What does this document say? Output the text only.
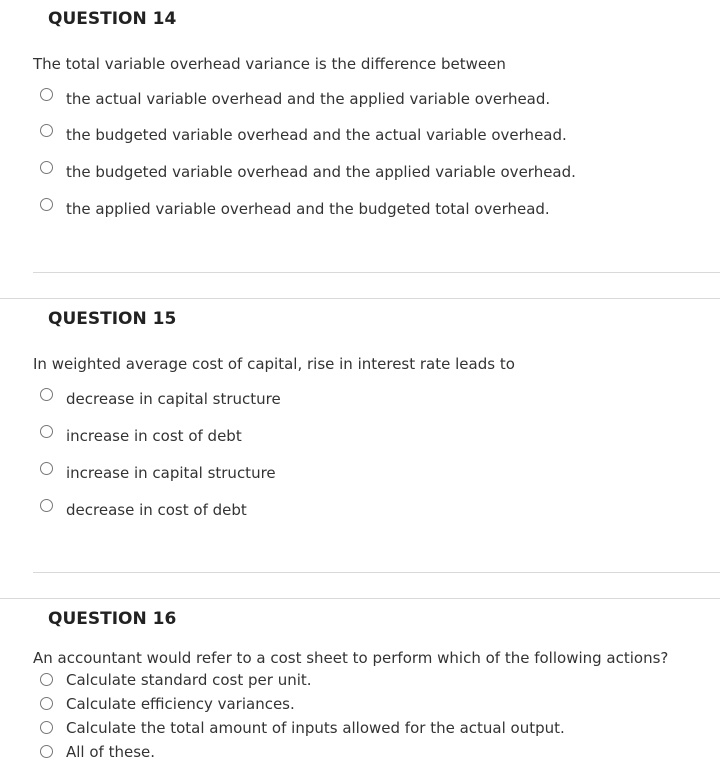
QUESTION 14
The total variable overhead variance is the difference between
the actual variable overhead and the applied variable overhead.
the budgeted variable overhead and the actual variable overhead.
the budgeted variable overhead and the applied variable overhead.
the applied variable overhead and the budgeted total overhead.
QUESTION 15
In weighted average cost of capital, rise in interest rate leads to
decrease in capital structure
increase in cost of debt
increase in capital structure
decrease in cost of debt
QUESTION 16
An accountant would refer to a cost sheet to perform which of the following actions?
Calculate standard cost per unit.
Calculate efficiency variances.
Calculate the total amount of inputs allowed for the actual output.
All of these.
